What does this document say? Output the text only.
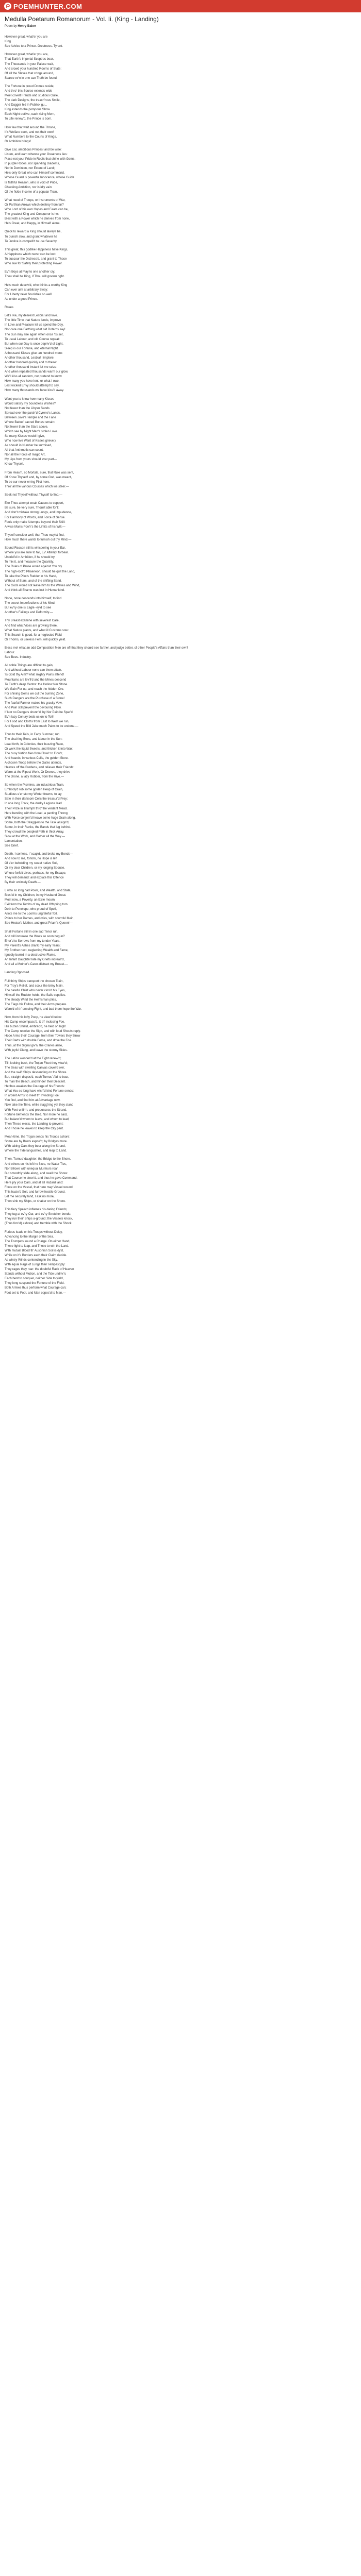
POEMHUNTER.COM
Medulla Poetarum Romanorum - Vol. Ii. (King - Landing)
Poem by Henry Baker
However great, what'er you are
King
See Advice to a Prince. Greatness. Tyrant.
However great, what'er you are,
That Earth's imperial Sceptres bear,
The Thousands in your Palace wait,
And crowd your hundred Rooms of State:
Of all the Slaves that cringe around,
Scarce ev'n in one can Truth be found.
The Fortune in proud Domes reside,
And thro' this Source extends wide
Meet covert Frauds and studious Guile,
The dark Designs, the treach'rous Smile,
And Dagger hid in Publick gu...
King extends the pompous Show
Each Night outlive, each rising Morn,
To Life renew'd, the Prince is born.
How few that wait around the Throne,
It's Welfare seek, and not their own!
What Numbers to the Courts of Kings,
Or Ambition brings!
Give Ear, ambitious Princes! and be wise:
Listen, and learn whence your Greatness lies:
Place not your Pride in Roofs that shine with Gems,
In purple Robes, nor sparkling Diadems,
Nor in Dominion, nor Extent of Land;
He's only Great who can Himself command.
Whose Guard is powerful Innocence, whose Guide
Is faithful Reason, who is void of Pride,
Checking Ambition, nor is idly vain
Of the fickle Income of a popular Train.
What need of Troops, or Instruments of War,
Or Parthian Arrows which destroy from far?
Who Lord of his own Hopes and Fears can be,
The greatest King and Conqueror is he:
Blest with a Power which he derives from none,
He's Great, and Happy, in Himself alone.
Quick to reward a King should always be,
To punish slow, and grant whatever he
To Justice is compell'd to use Severity.
This great, this godlike Happiness have Kings,
A Happiness which never can be lost:
To succour the Distress'd, and grant to Those
Who sue for Safety their protecting Power.
Ev'n Boys at Play to one another cry,
Thou shall be King, if Thou will govern right.
He's much deceiv'd, who thinks a worthy King
Can ever aim at arbitrary Sway:
For Liberty ne'er flourishes so well
As under a good Prince.
Roses
Let's live, my dearest Lesbia! and love.
The little Time that Nature lends, improve
In Love and Pleasure let us spend the Day,
Nor care one Farthing what old Dotards say!
The Sun may rise again when once 'tis set,
To usual Labour, and old Course repeat:
But when our Day is once depriv'd of Light,
Sleep is our Fortune, and eternal Night.
A thousand Kisses give: an hundred more:
Another thousand, Lesbia! I implore:
Another hundred quickly add to these:
Another thousand instant let me seize:
And when repeated thousands warm our glow,
We'll kiss all random, nor pretend to know
How many you have lent, or what I owe.
Lest wicked Envy should attempt to say,
How many thousands we have kiss'd away.
Want you to know how many Kisses
Would satisfy my boundless Wishes?
Not fewer than the Libyan Sands
Spread over the parch'd Cyrene's Lands,
Between Jove's Temple and the Fane
Where Battus' sacred Bones remain:
Not fewer than the Stars above,
Which see by Night Men's stolen Love.
So many Kisses would I give,
Who now live Want of Kisses grieve:)
As should in Number be surmised,
All that Anthmetic can count,
Nor all the Force of magic Art,
My Lips from yours should ever part—
Know Thyself.
From Heav'n, so Mortals, sure, that Rule was sent,
Of Know Thyself! and, by some God, was meant,
To be our never-erring Pilot here,
Thro' all the various Courses which we steer.—
Seek not Thyself without Thyself to find.—
E'er Thou attempt weak Causes to support,
Be sure, be very sure, Thou'rt able for't:
And don't mistake strong Lungs, and Impudence,
For Harmony of Words, and Force of Sense.
Fools only make Attempts beyond their Skill:
A wise Man's Pow'r's the Limits of his Will.—
Thyself consider well, that Thou may'st find,
How much there wants to furnish out thy Mind.—
Sound Reason still is whispering in your Ear,
Where you are sure to fail, Ev' Attempt forbear.
Unbridl'd in Ambition, if he should try,
To mix it, and measure the Quantity.
The Rules of Prose would against You cry.
The high-roof'd Phaeneon, should he quit the Land,
To take the Pilot's Rudder in his Hand,
Without of Stars, and of the shifting Sand.
The Gods would not leave him to the Waves and Wind,
And think all Shame was lost in Humankind.
None, none descends into himself, to find
The secret Imperfections of his Mind:
But ev'ry one is Eagle -ey'd to see
Another's Failings and Deformity.—
Thy Breast examine with severest Care,
And find what Vices are growing there,
What Nature plants, and what ill Customs sow:
This Search is good, for a neglected Field
Or Thorns, or useless Fern, will quickly yield.
Bless me! what an odd Composition Men are of! that they should see farther, and judge better, of other People's Affairs than their own!
Labour.
See Bees. Industry.
All noble Things are difficult to gain,
And without Labour none can them attain.
'Is Gold thy Aim? what mighty Pains attend!
Mountains are lev'll'd and the Mines descend
To Earth's deep Centre: the Hollow Ner Stone.
We Gain Fer up, and reach the hidden Ore.
For shining Gems we cut the burning Zone,
Such Dangers are the Purchase of a Stone!
The fearful Farmer makes his gravity Vow,
And Pain still prevent the devouring Plow.
If Nor no Dangers shunn'd, by Nor Pain be Spar'd
Ev'n lazy Conury beds us on to Toil!
For Food and Cloths from East to West we run,
And Speed the Bi'd Jake much Pains to be undone.—
Thus to their Toils, in Early Summer, run
The chat'ring Bees, and labour in the Sun:
Lead forth, in Colonies, their buzzing Race,
Or work the liquid Sweets, and thicken it into Wax;
The busy Nation flies from Flow'r to Flow'r,
And hoards, in various Cells, the golden Store.
A chosen Troop before the Gates attends,
Heaves off the Burdens, and relieves their Friends:
Warm at the Ripest Work, Or Drones, they drive
The Drone, a lazy Robber, from the Hive.—
So when the Pismires, an industrious Train,
Embody'd rob some golden Heap of Grain,
Studious e'er stormy Winter frowns, to lay
Safe in their darksom Cells the treasur'd Prey:
In one long Track, the dusky Legions lead
Their Prize in Triumph thro' the verdant Mead.
Here bending with the Load, a panting Throng
With Force conjoin'd heave some huge Grain along.
Some, both the Stragglers to the Task assign'd,
Some, in their Ranks, the Bands that lag behind.
They crowd the peopled Path in thick Array,
Slow at the Work, and Gather all the Way.—
Lamentation.
See Grief.
Death, I confess, I 'scap'd, and broke my Bonds—
And now to me, forlorn, no Hope is left
Of e'er beholding my sweet native Soil,
Or my dear Children, or my longing Spouse.
Whose forfeit Lives, perhaps, for my Escape,
They will demand: and expiate this Offence
By their untimely Death.—
I, who so long had Pow'r, and Wealth, and State,
Blest'd in my Children, in my Husband Great.
Most now, a Poverty, an Exile mourn,
Exil from the Tombs of my dead Offspring torn.
Doth to Penelope, who proud of Spoil,
Allots me to the Loom's ungrateful Toil.
Points to her Dames, and cries, with scornful Mein,
See Hector's Mother, and great Priam's Queen!—
Shall Fortune still in one sad Tenor run,
And still increase the Woes so soon begun?
Enur'd to Sorrows from my tender Years,
My Parent's Ashes drank my early Tears;
My Brother next, neglecting Wealth and Fame,
Ignobly burn'd in a destructive Flame.
An Infant Daughter late my Griefs increas'd,
And all a Mother's Cares distract my Breast.—
Landing Opposed.
Full thirty Ships transport the chosen Train,
For Troy's Relief, and scour the briny Main.
The careful Chief who never clos'd his Eyes,
Himself the Rudder holds, the Sails supplies.
The steady Wind the Helmsman plies,
The Flags his Follow, and their Arms prepare.
Warn'd of th' ensuing Fight, and bad them hope the War.
Now, from his lofty Poop, he view'd below
His Camp encompass'd, & th' inclosing Foe.
His buzen Shield, embrac'd, he held on high!
The Camp receive the Sign, and with loud Shouts reply.
Hope Arms their Courage: from their Towers they throw
Their Darts with double Force, and drive the Foe.
Thus, at the Signal giv'n, the Cranes arise,
With joyful Clang, and leave the stormy Skies.
The Latins wonder'd at the Fight renew'd;
Till, looking back, the Trojan Fleet they view'd;
The Seas with swelling Canvas cover'd o'er,
And the swift Ships descending on the Shore.
But, straight dispos'd, each Turnus' Aid to bear,
To man the Beach, and hinder their Descent.
He thus awakes the Courage of his Friends:
What You so long have wish'd kind Fortune sends:
In ardent Arms to meet th' Invading Foe:
You find, and find him at Advantage now.
Now take the Time, while stagg'ring yet they stand
With Feet unfirm, and prepossess the Strand.
Fortune befriends the Bold. Nor more he said,
But balanc'd whom to leave, and whom to lead;
Then These elects, the Landing to prevent:
And Those he leaves to keep the City pent.
Mean-time, the Trojan sends his Troops ashore:
Some are by Boats expos'd; by Bridges more.
With taking Oars they bear along the Strand,
Where the Tide languishes, and leap to Land.
Then, Turnus' daughter, the Bridge to the Shore,
And others on his left he fixes, no Water Ties,
Nor Billows with unequal Murmurs roar,
But smoothly slide along, and swell the Shore:
That Course he steer'd, and thus he gave Command,
Here ply your Oars, and at all Hazard land:
Force on the Vessel, that here may Vessel wound
This haste'd Soil, and furrow hostile Ground.
Let me securely land, I ask no more,
Then sink my Ships, or shatter on the Shore.
This fiery Speech inflames his daring Friends;
They tug at ev'ry Oar, and ev'ry Stretcher bends:
They run their Ships a-ground; the Vessels knock,
(Thus forc'd) ashore) and tremble with the Shock.
Furious leads on his Troops without Delay,
Advancing to the Margin of the Sea.
The Trumpets sound a Charge. On either Hand,
These light to leap, and Those to win the Land.
With mutual Blood th' Ausonian Soil is dy'd,
While on it's Borders each their Claim decide.
As wintry Winds contending in the Sky,
With equal Rage of Lungs their Tempest ply:
They rages they roar: the doubtful Rack of Heaven
Stands without Motion, and the Tide undriv'n;
Each bent to conquer, neither Side to yield,
They long suspend the Fortune of the Field.
Both Armies thus perform what Courage can;
Foot set to Foot, and Man oppos'd to Man.—
